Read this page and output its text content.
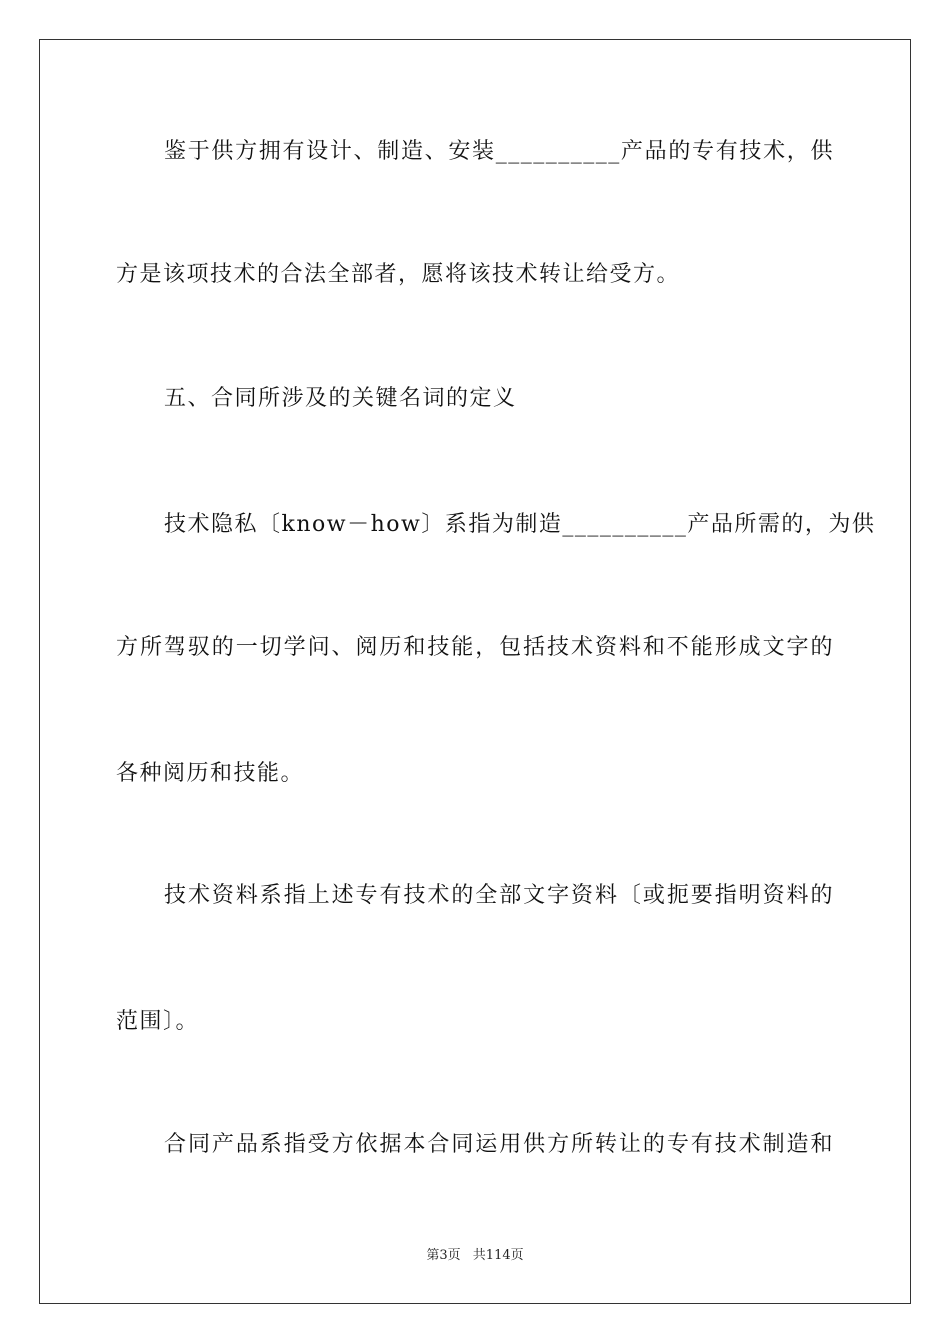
鉴于供方拥有设计、制造、安装__________产品的专有技术，供
方是该项技术的合法全部者，愿将该技术转让给受方。
五、合同所涉及的关键名词的定义
技术隐私〔know－how〕系指为制造__________产品所需的，为供
方所驾驭的一切学问、阅历和技能，包括技术资料和不能形成文字的
各种阅历和技能。
技术资料系指上述专有技术的全部文字资料〔或扼要指明资料的
范围〕。
合同产品系指受方依据本合同运用供方所转让的专有技术制造和
第3页 共114页
